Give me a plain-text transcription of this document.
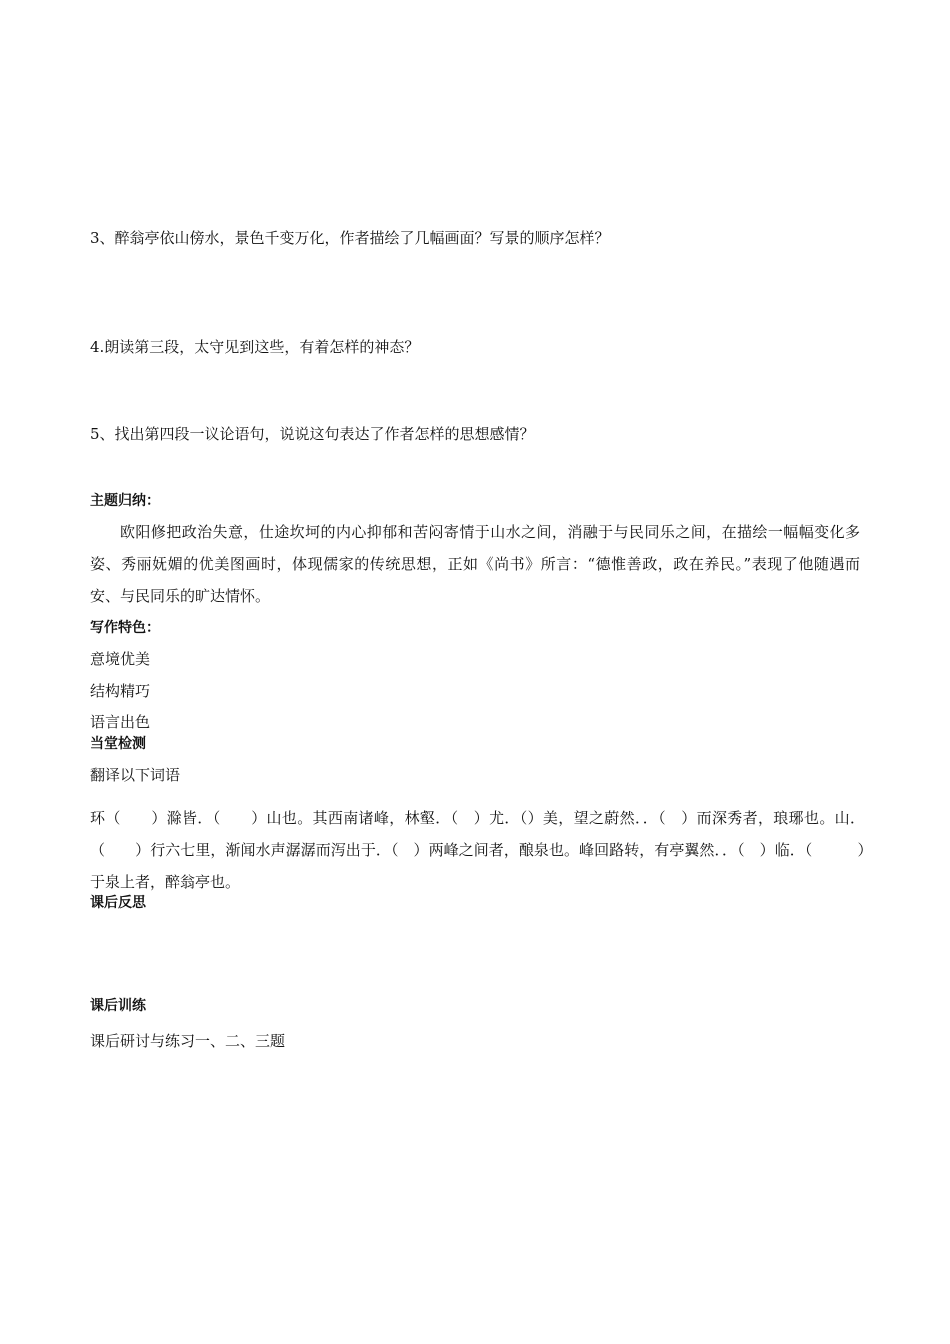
3、醉翁亭依山傍水，景色千变万化，作者描绘了几幅画面？写景的顺序怎样？

4.朗读第三段，太守见到这些，有着怎样的神态？

5、找出第四段一议论语句，说说这句表达了作者怎样的思想感情？

主题归纳：

欧阳修把政治失意，仕途坎坷的内心抑郁和苦闷寄情于山水之间，消融于与民同乐之间，在描绘一幅幅变化多姿、秀丽妩媚的优美图画时，体现儒家的传统思想，正如《尚书》所言：“德惟善政，政在养民。”表现了他随遇而安、与民同乐的旷达情怀。

写作特色：

意境优美

结构精巧

语言出色

当堂检测

翻译以下词语

环（　　）滁皆．（　　）山也。其西南诸峰，林壑．（　）尤．（）美，望之蔚然．．（　）而深秀者，琅琊也。山．（　　）行六七里，渐闻水声潺潺而泻出于．（　）两峰之间者，酿泉也。峰回路转，有亭翼然．．（　）临．（　　　）于泉上者，醉翁亭也。

课后反思

课后训练

课后研讨与练习一、二、三题
